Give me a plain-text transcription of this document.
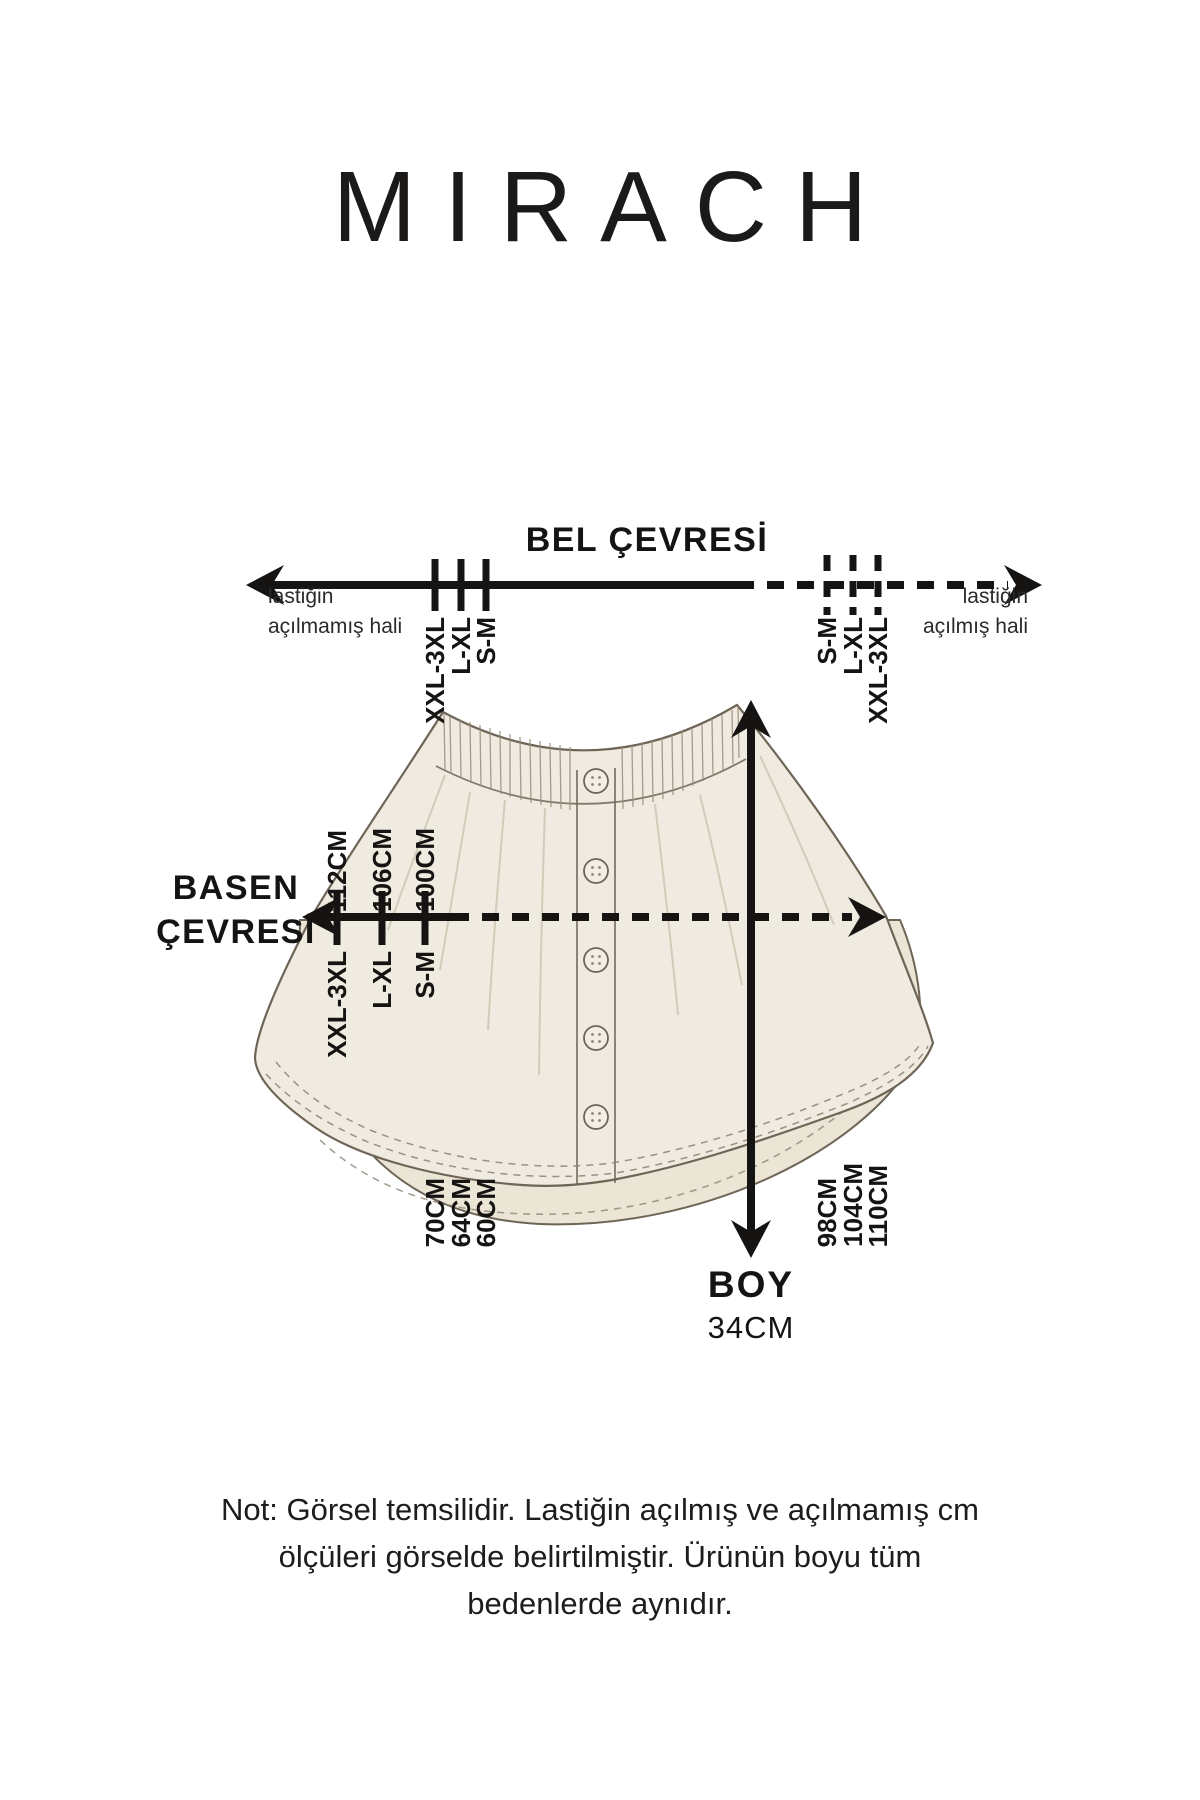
MIRACH
BEL ÇEVRESİ
70CM
64CM
60CM
XXL-3XL
L-XL
S-M
98CM
104CM
110CM
S-M
L-XL
XXL-3XL
lastiğin
açılmamış hali
lastiğin
açılmış hali
BASEN
ÇEVRESİ
112CM 106CM 100CM
XXL-3XL L-XL S-M
BOY
34CM
Not: Görsel temsilidir. Lastiğin açılmış ve açılmamış cm
ölçüleri görselde belirtilmiştir. Ürünün boyu tüm
bedenlerde aynıdır.
